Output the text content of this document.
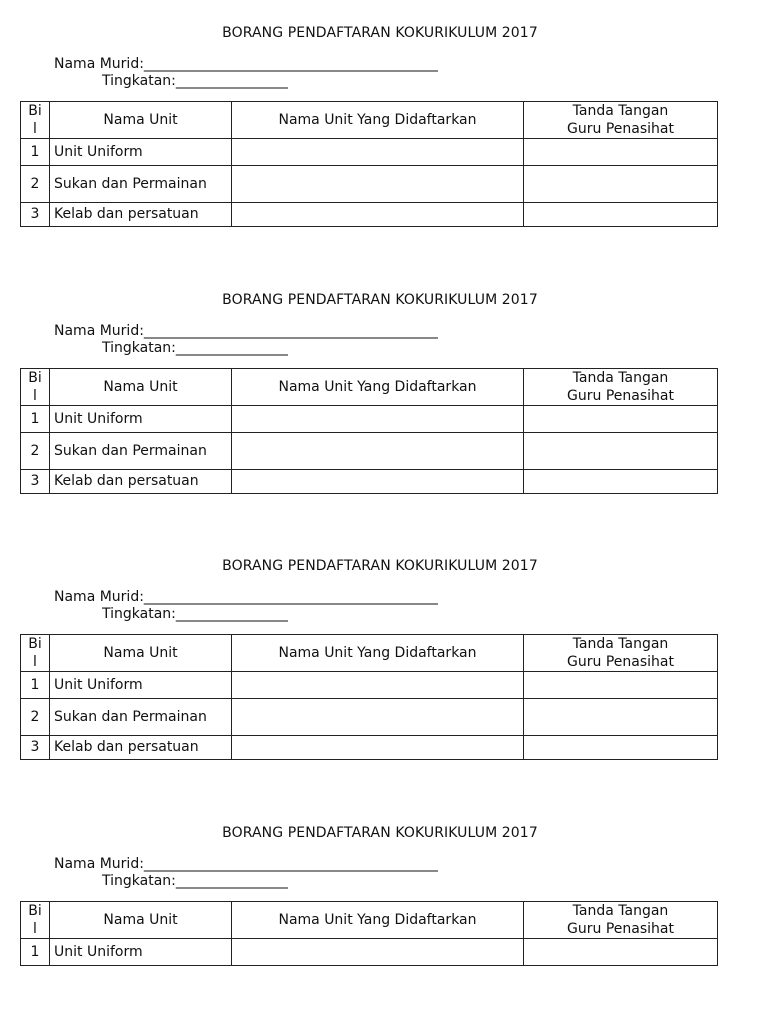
BORANG PENDAFTARAN KOKURIKULUM 2017
Nama Murid:__________________________________________
Tingkatan:________________
Bi
l	Nama Unit	Nama Unit Yang Didaftarkan	Tanda Tangan
Guru Penasihat

1	Unit Uniform		
2	Sukan dan Permainan		
3	Kelab dan persatuan		
BORANG PENDAFTARAN KOKURIKULUM 2017
Nama Murid:__________________________________________
Tingkatan:________________
Bi
l	Nama Unit	Nama Unit Yang Didaftarkan	Tanda Tangan
Guru Penasihat

1	Unit Uniform		
2	Sukan dan Permainan		
3	Kelab dan persatuan		
BORANG PENDAFTARAN KOKURIKULUM 2017
Nama Murid:__________________________________________
Tingkatan:________________
Bi
l	Nama Unit	Nama Unit Yang Didaftarkan	Tanda Tangan
Guru Penasihat

1	Unit Uniform		
2	Sukan dan Permainan		
3	Kelab dan persatuan		
BORANG PENDAFTARAN KOKURIKULUM 2017
Nama Murid:__________________________________________
Tingkatan:________________
Bi
l	Nama Unit	Nama Unit Yang Didaftarkan	Tanda Tangan
Guru Penasihat

1	Unit Uniform		
